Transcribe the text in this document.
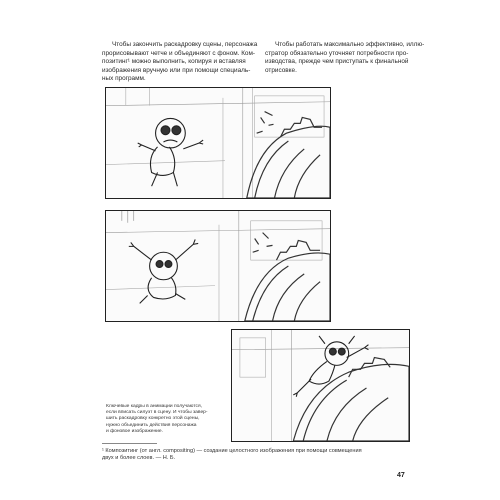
Чтобы закончить раскадровку сцены, персонажа
прорисовывают четче и объединяют с фоном. Ком-
позитинг¹ можно выполнить, копируя и вставляя
изображения вручную или при помощи специаль-
ных программ.
Чтобы работать максимально эффективно, иллю-
стратор обязательно уточняет потребности про-
изводства, прежде чем приступать к финальной
отрисовке.
Ключевые кадры в анимации получаются,
если вписать силуэт в сцену. И чтобы завер-
шить раскадровку конкретно этой сцены,
нужно объединить действия персонажа
и фоновое изображение.
¹ Композитинг (от англ. compositing) — создание целостного изображения при помощи совмещения
двух и более слоев. — Н. Б.
47
